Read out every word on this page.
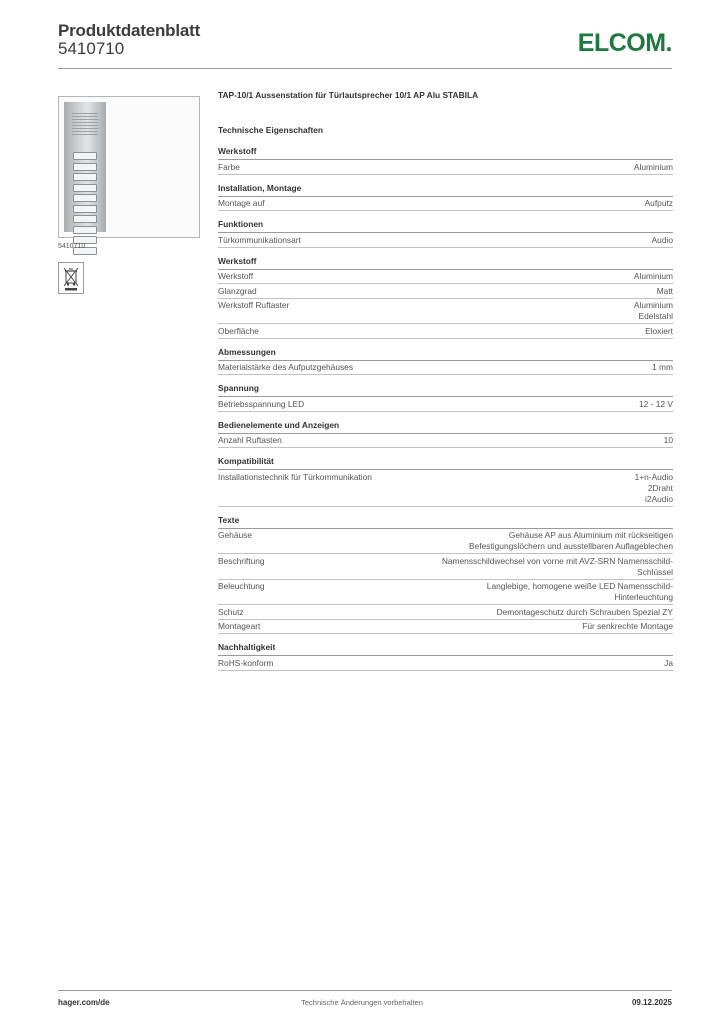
Produktdatenblatt
5410710	ELCOM.
5410710
TAP-10/1 Aussenstation für Türlautsprecher 10/1 AP Alu STABILA
Technische Eigenschaften
Werkstoff
Farbe	Aluminium
Installation, Montage
Montage auf	Aufputz
Funktionen
Türkommunikationsart	Audio
Werkstoff
Werkstoff	Aluminium
Glanzgrad	Matt
Werkstoff Ruftaster	Aluminium
Edelstahl
Oberfläche	Eloxiert
Abmessungen
Materialstärke des Aufputzgehäuses	1 mm
Spannung
Betriebsspannung LED	12 - 12 V
Bedienelemente und Anzeigen
Anzahl Ruftasten	10
Kompatibilität
Installationstechnik für Türkommunikation	1+n-Audio
2Draht
i2Audio
Texte
Gehäuse	Gehäuse AP aus Aluminium mit rückseitigen
Befestigungslöchern und ausstellbaren Auflageblechen
Beschriftung	Namensschildwechsel von vorne mit AVZ-SRN Namensschild-
Schlüssel
Beleuchtung	Langlebige, homogene weiße LED Namensschild-
Hinterleuchtung
Schutz	Demontageschutz durch Schrauben Spezial ZY
Montageart	Für senkrechte Montage
Nachhaltigkeit
RoHS-konform	Ja
hager.com/de	Technische Änderungen vorbehalten	09.12.2025
